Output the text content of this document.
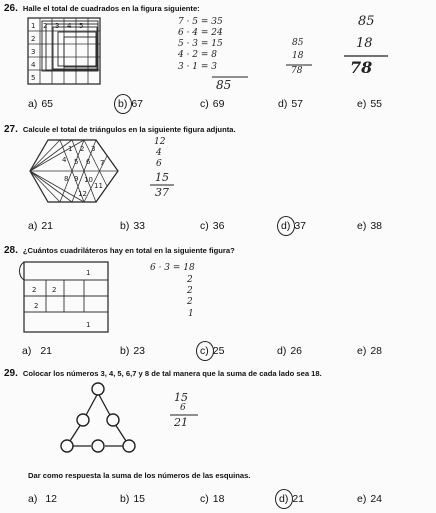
26. Halle el total de cuadrados en la figura siguiente:
1 2 3 4 5
2
3
4
5
7 · 5 = 35
6 · 4 = 24
5 · 3 = 15
4 · 2 = 8
3 · 1 = 3
85
85
18
78
85
18
78
a) 65	b) 67	c) 69	d) 57	e) 55
27. Calcule el total de triángulos en la siguiente figura adjunta.
1 2 3
4 5 6 7
8 9 10
11
12
12
4
6
15
37
a) 21	b) 33	c) 36	d) 37	e) 38
28. ¿Cuántos cuadriláteros hay en total en la siguiente figura?
1
2 2
2
1
6 · 3 = 18
2
2
2
1
a) 21	b) 23	c) 25	d) 26	e) 28
29. Colocar los números 3, 4, 5, 6,7 y 8 de tal manera que la suma de cada lado sea 18.
15
6
21
Dar como respuesta la suma de los números de las esquinas.
a) 12	b) 15	c) 18	d) 21	e) 24
